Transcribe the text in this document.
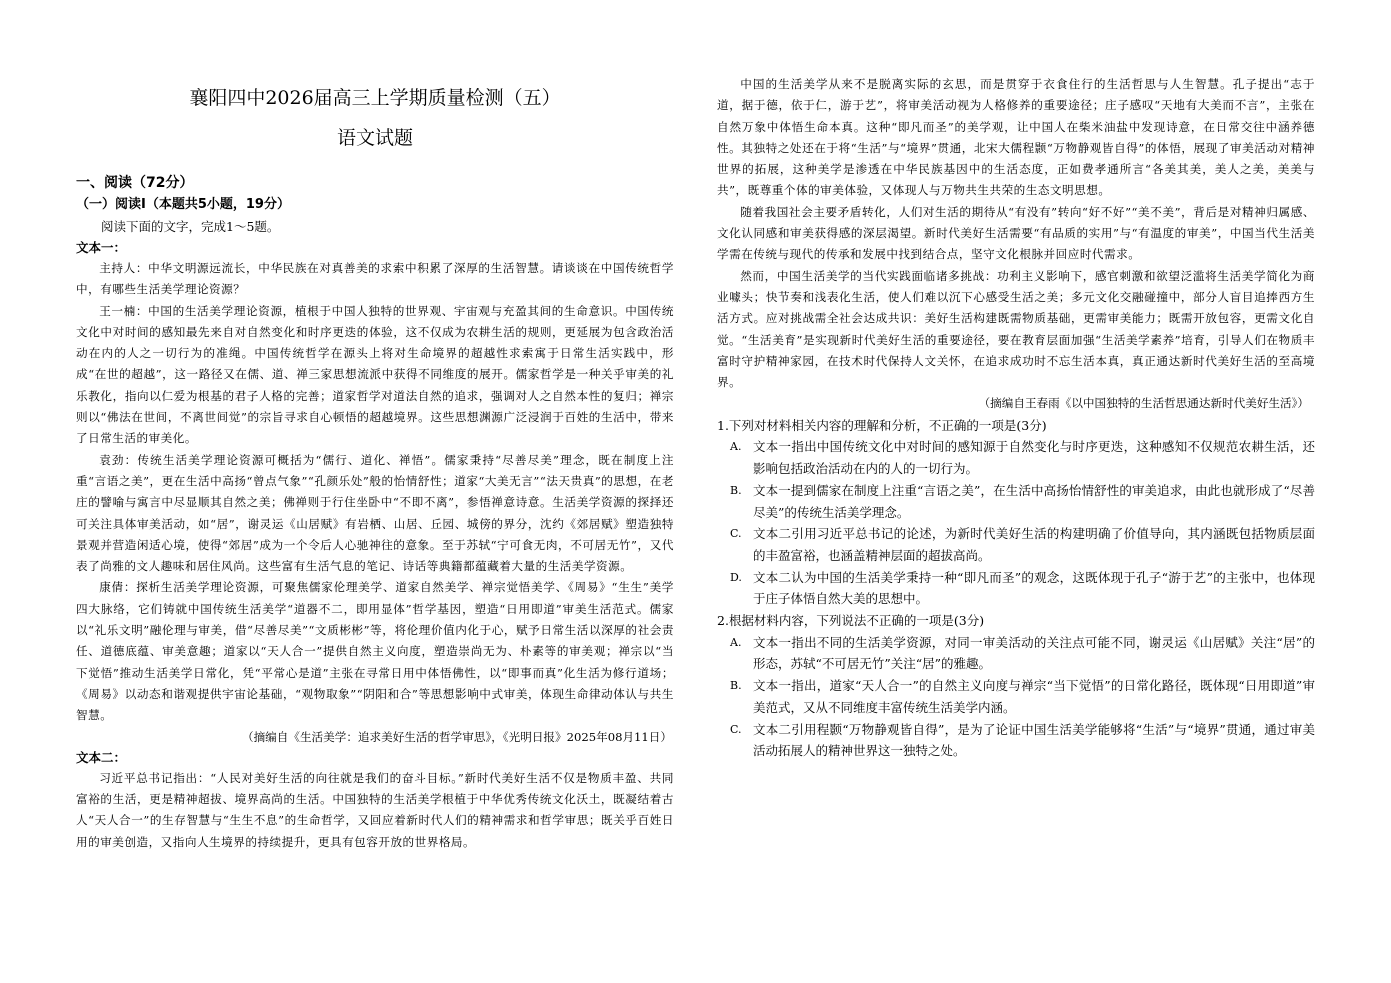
襄阳四中2026届高三上学期质量检测（五）

语文试题

一、阅读（72分）

（一）阅读Ⅰ（本题共5小题，19分）

阅读下面的文字，完成1～5题。

文本一：

主持人：中华文明源远流长，中华民族在对真善美的求索中积累了深厚的生活智慧。请谈谈在中国传统哲学中，有哪些生活美学理论资源？

王一楠：中国的生活美学理论资源，植根于中国人独特的世界观、宇宙观与充盈其间的生命意识。中国传统文化中对时间的感知最先来自对自然变化和时序更迭的体验，这不仅成为农耕生活的规则，更延展为包含政治活动在内的人之一切行为的准绳。中国传统哲学在源头上将对生命境界的超越性求索寓于日常生活实践中，形成“在世的超越”，这一路径又在儒、道、禅三家思想流派中获得不同维度的展开。儒家哲学是一种关乎审美的礼乐教化，指向以仁爱为根基的君子人格的完善；道家哲学对道法自然的追求，强调对人之自然本性的复归；禅宗则以“佛法在世间，不离世间觉”的宗旨寻求自心顿悟的超越境界。这些思想渊源广泛浸润于百姓的生活中，带来了日常生活的审美化。

袁劲：传统生活美学理论资源可概括为“儒行、道化、禅悟”。儒家秉持“尽善尽美”理念，既在制度上注重“言语之美”，更在生活中高扬“曾点气象”“孔颜乐处”般的怡情舒性；道家“大美无言”“法天贵真”的思想，在老庄的譬喻与寓言中尽显顺其自然之美；佛禅则于行住坐卧中“不即不离”，参悟禅意诗意。生活美学资源的探择还可关注具体审美活动，如“居”，谢灵运《山居赋》有岩栖、山居、丘园、城傍的界分，沈约《郊居赋》塑造独特景观并营造闲适心境，使得“郊居”成为一个令后人心驰神往的意象。至于苏轼“宁可食无肉，不可居无竹”，又代表了尚雅的文人趣味和居住风尚。这些富有生活气息的笔记、诗话等典籍都蕴藏着大量的生活美学资源。

康倩：探析生活美学理论资源，可聚焦儒家伦理美学、道家自然美学、禅宗觉悟美学、《周易》“生生”美学四大脉络，它们铸就中国传统生活美学“道器不二，即用显体”哲学基因，塑造“日用即道”审美生活范式。儒家以“礼乐文明”融伦理与审美，借“尽善尽美”“文质彬彬”等，将伦理价值内化于心，赋予日常生活以深厚的社会责任、道德底蕴、审美意趣；道家以“天人合一”提供自然主义向度，塑造崇尚无为、朴素等的审美观；禅宗以“当下觉悟”推动生活美学日常化，凭“平常心是道”主张在寻常日用中体悟佛性，以“即事而真”化生活为修行道场；《周易》以动态和谐观提供宇宙论基础，“观物取象”“阴阳和合”等思想影响中式审美，体现生命律动体认与共生智慧。

（摘编自《生活美学：追求美好生活的哲学审思》，《光明日报》2025年08月11日）

文本二：

习近平总书记指出：“人民对美好生活的向往就是我们的奋斗目标。”新时代美好生活不仅是物质丰盈、共同富裕的生活，更是精神超拔、境界高尚的生活。中国独特的生活美学根植于中华优秀传统文化沃土，既凝结着古人“天人合一”的生存智慧与“生生不息”的生命哲学，又回应着新时代人们的精神需求和哲学审思；既关乎百姓日用的审美创造，又指向人生境界的持续提升，更具有包容开放的世界格局。

中国的生活美学从来不是脱离实际的玄思，而是贯穿于衣食住行的生活哲思与人生智慧。孔子提出“志于道，据于德，依于仁，游于艺”，将审美活动视为人格修养的重要途径；庄子感叹“天地有大美而不言”，主张在自然万象中体悟生命本真。这种“即凡而圣”的美学观，让中国人在柴米油盐中发现诗意，在日常交往中涵养德性。其独特之处还在于将“生活”与“境界”贯通，北宋大儒程颢“万物静观皆自得”的体悟，展现了审美活动对精神世界的拓展，这种美学是渗透在中华民族基因中的生活态度，正如费孝通所言“各美其美，美人之美，美美与共”，既尊重个体的审美体验，又体现人与万物共生共荣的生态文明思想。

随着我国社会主要矛盾转化，人们对生活的期待从“有没有”转向“好不好”“美不美”，背后是对精神归属感、文化认同感和审美获得感的深层渴望。新时代美好生活需要“有品质的实用”与“有温度的审美”，中国当代生活美学需在传统与现代的传承和发展中找到结合点，坚守文化根脉并回应时代需求。

然而，中国生活美学的当代实践面临诸多挑战：功利主义影响下，感官刺激和欲望泛滥将生活美学简化为商业噱头；快节奏和浅表化生活，使人们难以沉下心感受生活之美；多元文化交融碰撞中，部分人盲目追捧西方生活方式。应对挑战需全社会达成共识：美好生活构建既需物质基础，更需审美能力；既需开放包容，更需文化自觉。“生活美育”是实现新时代美好生活的重要途径，要在教育层面加强“生活美学素养”培育，引导人们在物质丰富时守护精神家园，在技术时代保持人文关怀，在追求成功时不忘生活本真，真正通达新时代美好生活的至高境界。

（摘编自王春雨《以中国独特的生活哲思通达新时代美好生活》）

1.下列对材料相关内容的理解和分析，不正确的一项是(3分)

A. 文本一指出中国传统文化中对时间的感知源于自然变化与时序更迭，这种感知不仅规范农耕生活，还影响包括政治活动在内的人的一切行为。
B. 文本一提到儒家在制度上注重“言语之美”，在生活中高扬怡情舒性的审美追求，由此也就形成了“尽善尽美”的传统生活美学理念。
C. 文本二引用习近平总书记的论述，为新时代美好生活的构建明确了价值导向，其内涵既包括物质层面的丰盈富裕，也涵盖精神层面的超拔高尚。
D. 文本二认为中国的生活美学秉持一种“即凡而圣”的观念，这既体现于孔子“游于艺”的主张中，也体现于庄子体悟自然大美的思想中。

2.根据材料内容，下列说法不正确的一项是(3分)

A. 文本一指出不同的生活美学资源，对同一审美活动的关注点可能不同，谢灵运《山居赋》关注“居”的形态，苏轼“不可居无竹”关注“居”的雅趣。
B. 文本一指出，道家“天人合一”的自然主义向度与禅宗“当下觉悟”的日常化路径，既体现“日用即道”审美范式，又从不同维度丰富传统生活美学内涵。
C. 文本二引用程颢“万物静观皆自得”，是为了论证中国生活美学能够将“生活”与“境界”贯通，通过审美活动拓展人的精神世界这一独特之处。
